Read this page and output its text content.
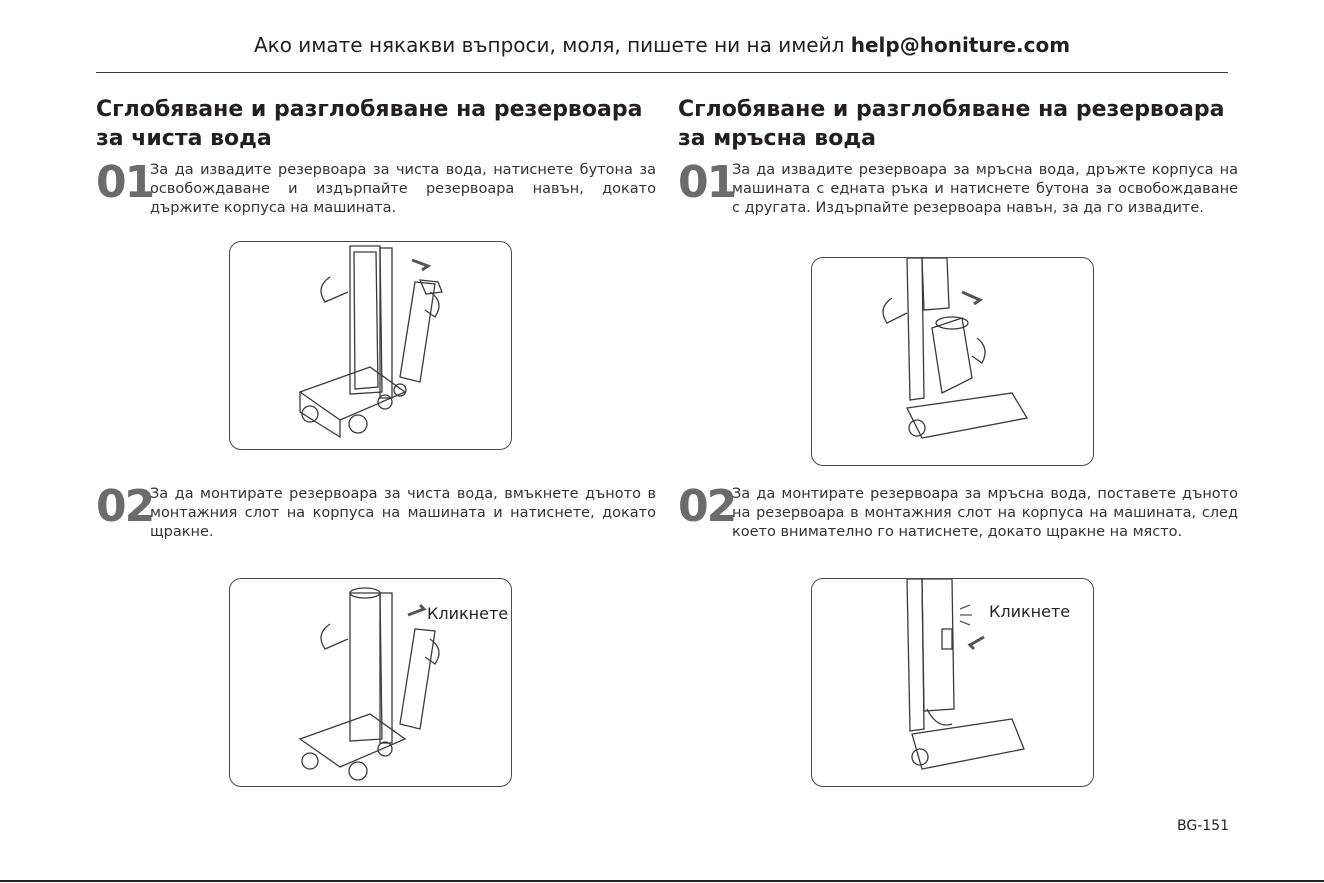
Ако имате някакви въпроси, моля, пишете ни на имейл help@honiture.com
Сглобяване и разглобяване на резервоара
за чиста вода
01
За да извадите резервоара за чиста вода, натиснете бутона за освобождаване и издърпайте резервоара навън, докато държите корпуса на машината.
02
За да монтирате резервоара за чиста вода, вмъкнете дъното в монтажния слот на корпуса на машината и натиснете, докато щракне.
Кликнете
Сглобяване и разглобяване на резервоара
за мръсна вода
01
За да извадите резервоара за мръсна вода, дръжте корпуса на машината с едната ръка и натиснете бутона за освобождаване с другата. Издърпайте резервоара навън, за да го извадите.
02
За да монтирате резервоара за мръсна вода, поставете дъното на резервоара в монтажния слот на корпуса на машината, след което внимателно го натиснете, докато щракне на място.
Кликнете
BG-151
